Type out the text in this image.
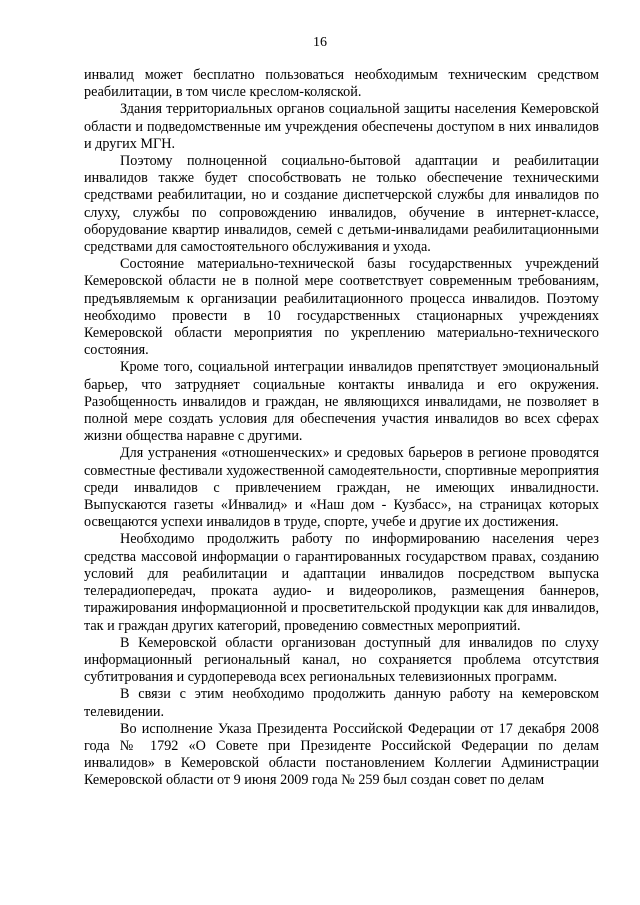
16

инвалид может бесплатно пользоваться необходимым техническим средством реабилитации, в том числе креслом-коляской.

Здания территориальных органов социальной защиты населения Кемеровской области и подведомственные им учреждения обеспечены доступом в них инвалидов и других МГН.

Поэтому полноценной социально-бытовой адаптации и реабилитации инвалидов также будет способствовать не только обеспечение техническими средствами реабилитации, но и создание диспетчерской службы для инвалидов по слуху, службы по сопровождению инвалидов, обучение в интернет-классе, оборудование квартир инвалидов, семей с детьми-инвалидами реабилитационными средствами для самостоятельного обслуживания и ухода.

Состояние материально-технической базы государственных учреждений Кемеровской области не в полной мере соответствует современным требованиям, предъявляемым к организации реабилитационного процесса инвалидов. Поэтому необходимо провести в 10 государственных стационарных учреждениях Кемеровской области мероприятия по укреплению материально-технического состояния.

Кроме того, социальной интеграции инвалидов препятствует эмоциональный барьер, что затрудняет социальные контакты инвалида и его окружения. Разобщенность инвалидов и граждан, не являющихся инвалидами, не позволяет в полной мере создать условия для обеспечения участия инвалидов во всех сферах жизни общества наравне с другими.

Для устранения «отношенческих» и средовых барьеров в регионе проводятся совместные фестивали художественной самодеятельности, спортивные мероприятия среди инвалидов с привлечением граждан, не имеющих инвалидности. Выпускаются газеты «Инвалид» и «Наш дом - Кузбасс», на страницах которых освещаются успехи инвалидов в труде, спорте, учебе и другие их достижения.

Необходимо продолжить работу по информированию населения через средства массовой информации о гарантированных государством правах, созданию условий для реабилитации и адаптации инвалидов посредством выпуска телерадиопередач, проката аудио- и видеороликов, размещения баннеров, тиражирования информационной и просветительской продукции как для инвалидов, так и граждан других категорий, проведению совместных мероприятий.

В Кемеровской области организован доступный для инвалидов по слуху информационный региональный канал, но сохраняется проблема отсутствия субтитрования и сурдоперевода всех региональных телевизионных программ.

В связи с этим необходимо продолжить данную работу на кемеровском телевидении.

Во исполнение Указа Президента Российской Федерации от 17 декабря 2008 года № 1792 «О Совете при Президенте Российской Федерации по делам инвалидов» в Кемеровской области постановлением Коллегии Администрации Кемеровской области от 9 июня 2009 года № 259 был создан совет по делам
